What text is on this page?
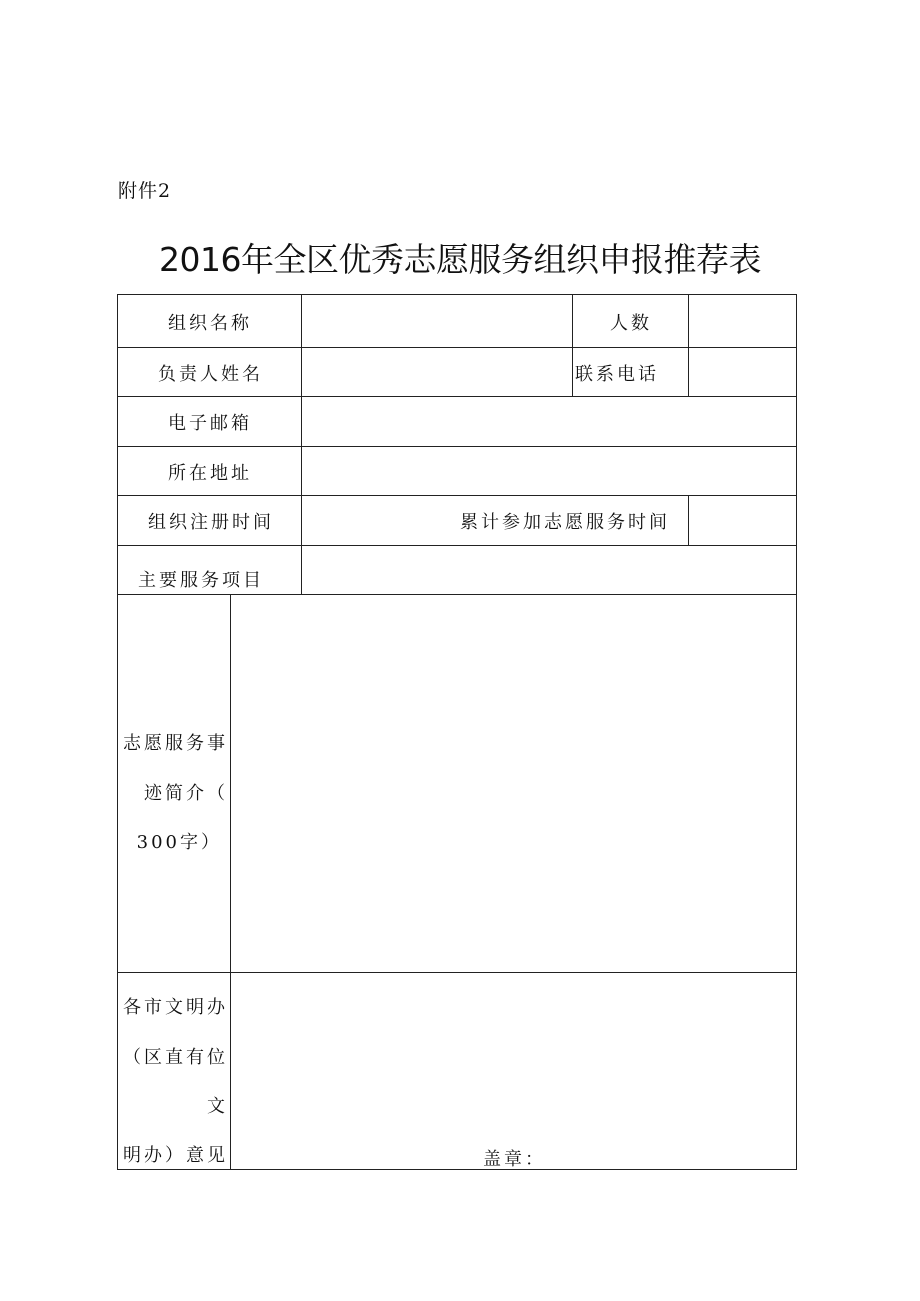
附件2
2016年全区优秀志愿服务组织申报推荐表
组织名称	人数
负责人姓名	联系电话
电子邮箱
所在地址
组织注册时间	累计参加志愿服务时间
主要服务项目
志愿服务事
迹简介（
300字）
各市文明办
（区直有位
文
明办）意见	盖章：
